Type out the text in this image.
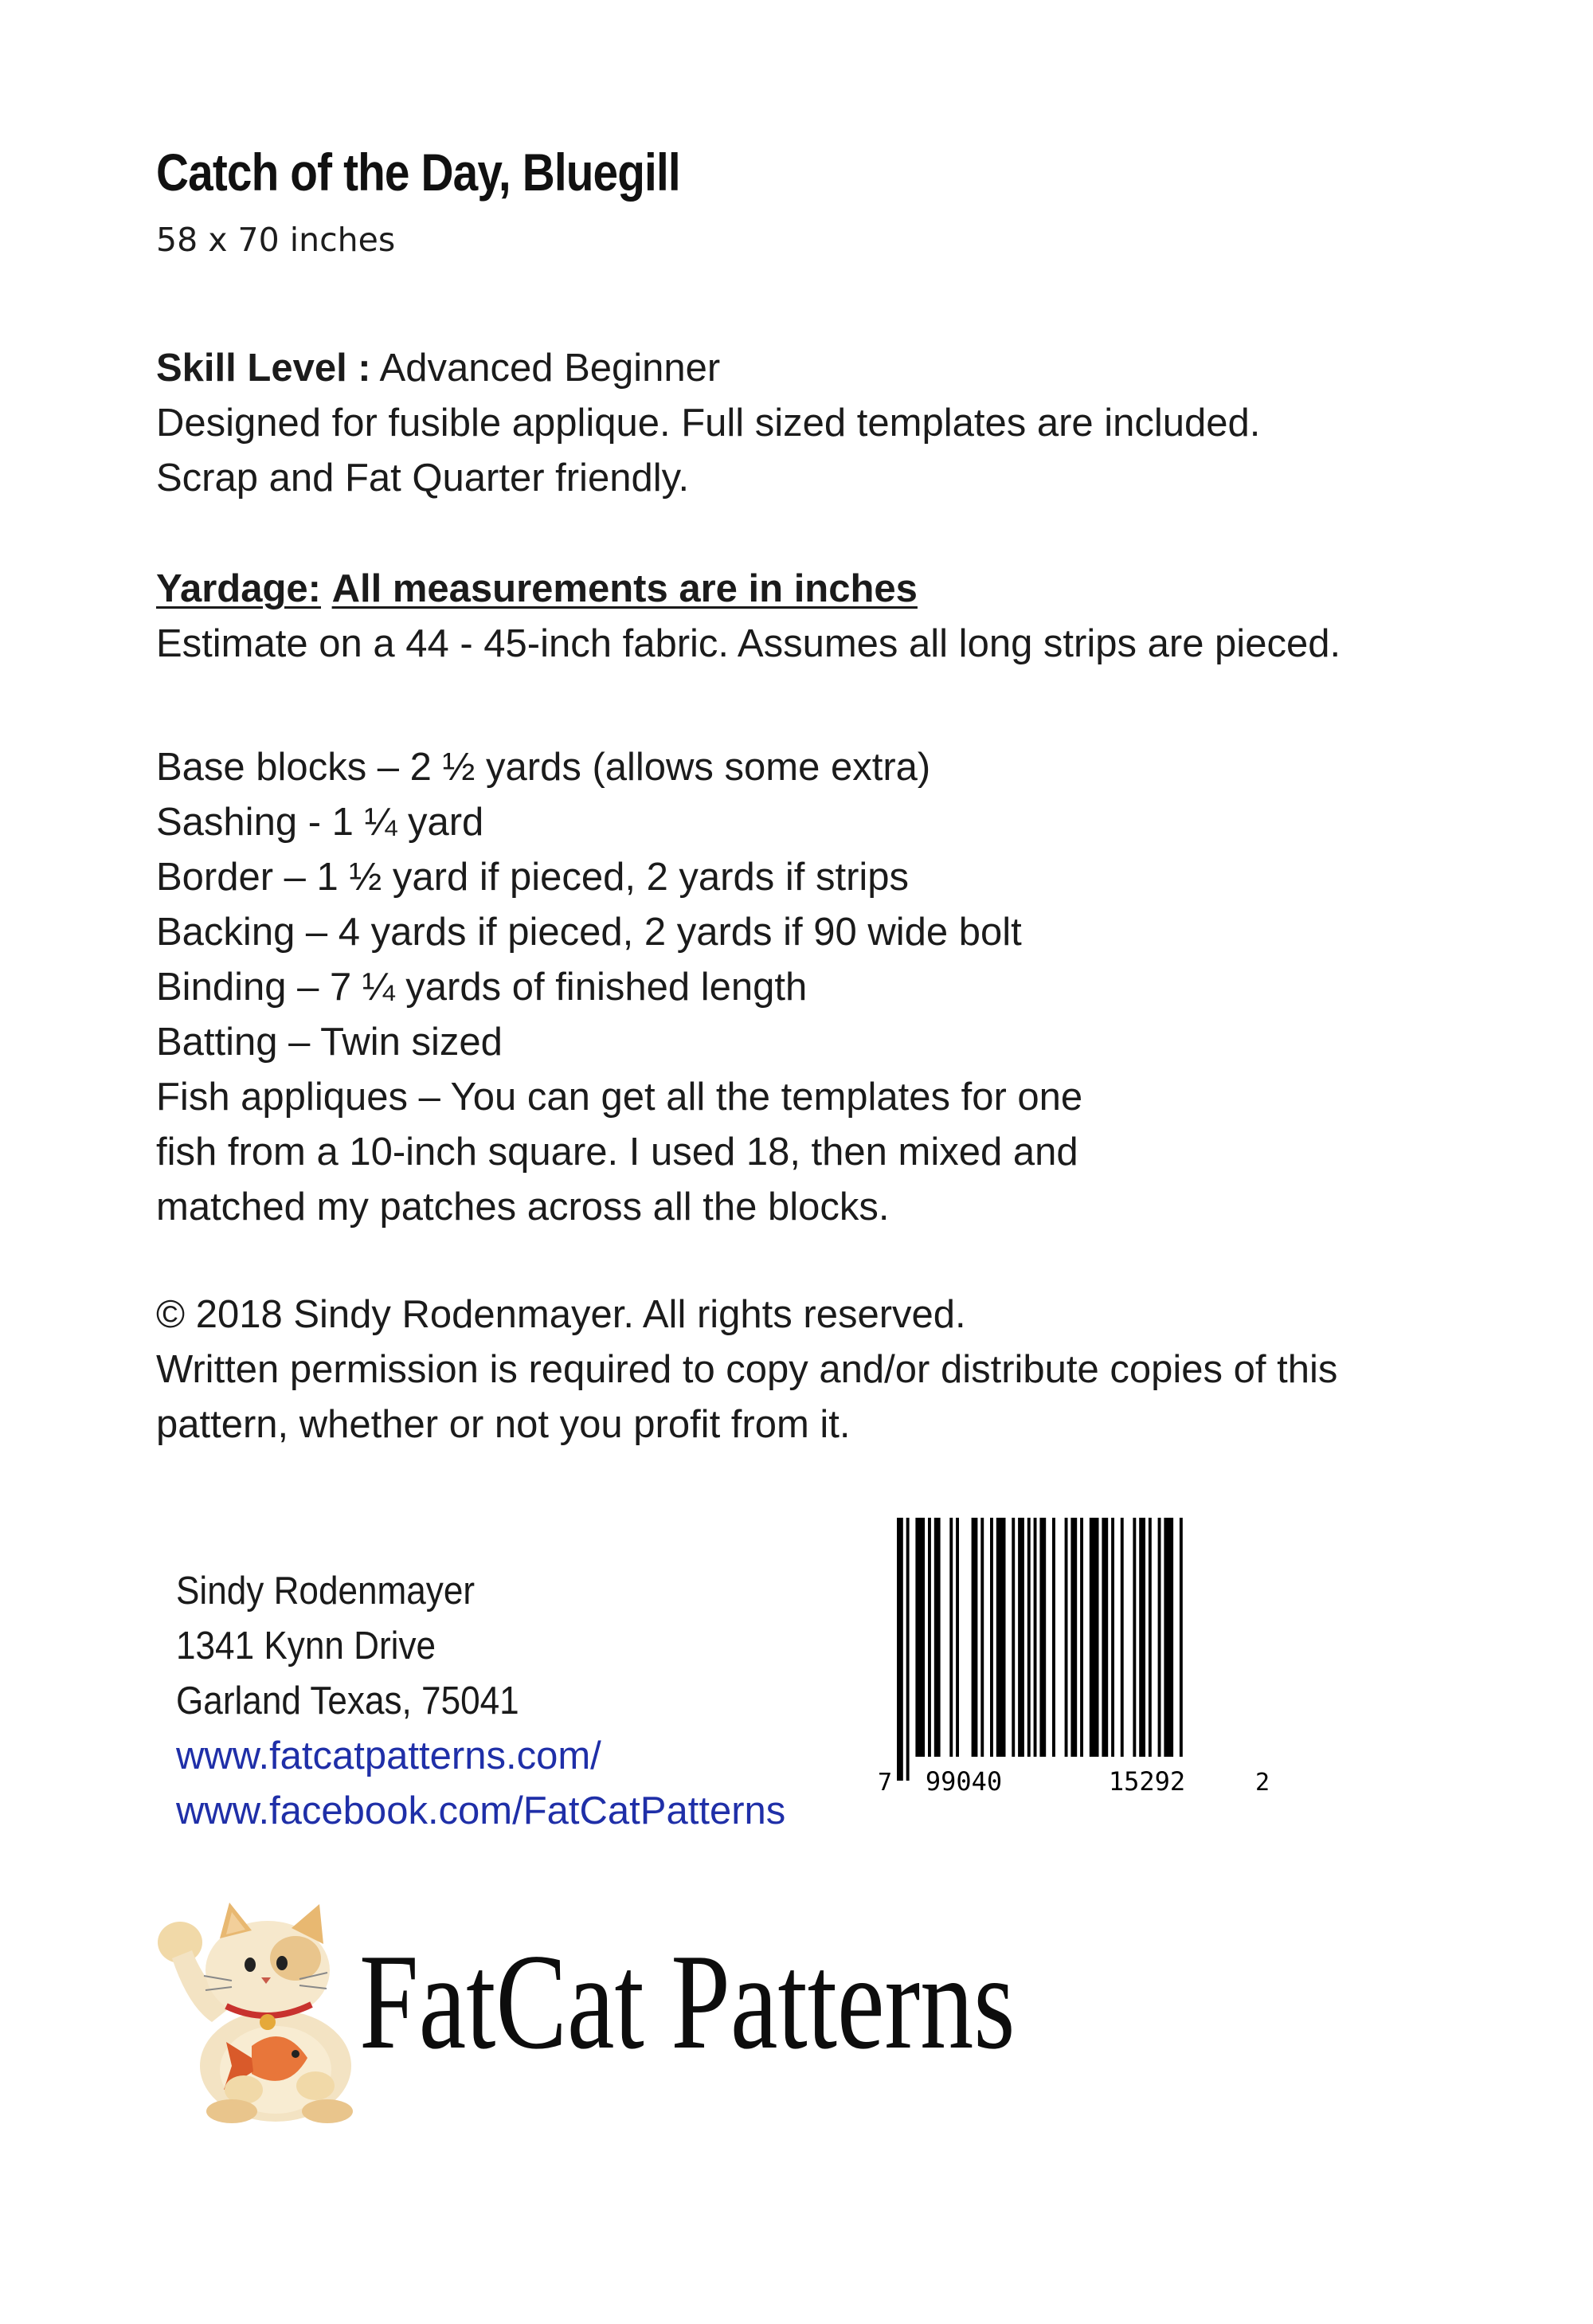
Catch of the Day, Bluegill
58 x 70 inches
Skill Level : Advanced Beginner
Designed for fusible applique. Full sized templates are included.
Scrap and Fat Quarter friendly.
Yardage: All measurements are in inches
Estimate on a 44 - 45-inch fabric. Assumes all long strips are pieced.
Base blocks – 2 ½ yards (allows some extra)
Sashing - 1 ¼ yard
Border – 1 ½ yard if pieced, 2 yards if strips
Backing – 4 yards if pieced, 2 yards if 90 wide bolt
Binding – 7 ¼ yards of finished length
Batting – Twin sized
Fish appliques – You can get all the templates for one
fish from a 10-inch square. I used 18, then mixed and
matched my patches across all the blocks.
© 2018 Sindy Rodenmayer. All rights reserved.
Written permission is required to copy and/or distribute copies of this
pattern, whether or not you profit from it.
Sindy Rodenmayer
1341 Kynn Drive
Garland Texas, 75041
www.fatcatpatterns.com/
www.facebook.com/FatCatPatterns
7 99040	15292	2
FatCat Patterns
